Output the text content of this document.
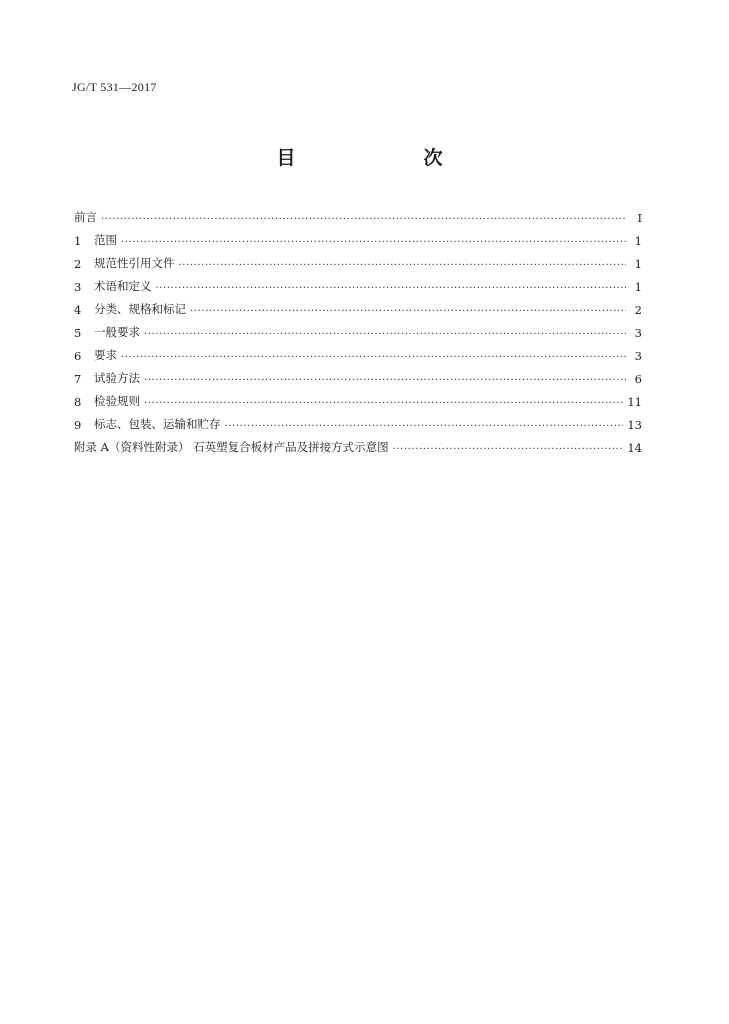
JG/T 531—2017
目　　次
前言 ·····	I
1	范围 ·····	1
2	规范性引用文件 ·····	1
3	术语和定义 ·····	1
4	分类、规格和标记 ·····	2
5	一般要求 ·····	3
6	要求 ·····	3
7	试验方法 ·····	6
8	检验规则 ·····	11
9	标志、包装、运输和贮存 ·····	13
附录 A（资料性附录） 石英塑复合板材产品及拼接方式示意图 ·····	14
